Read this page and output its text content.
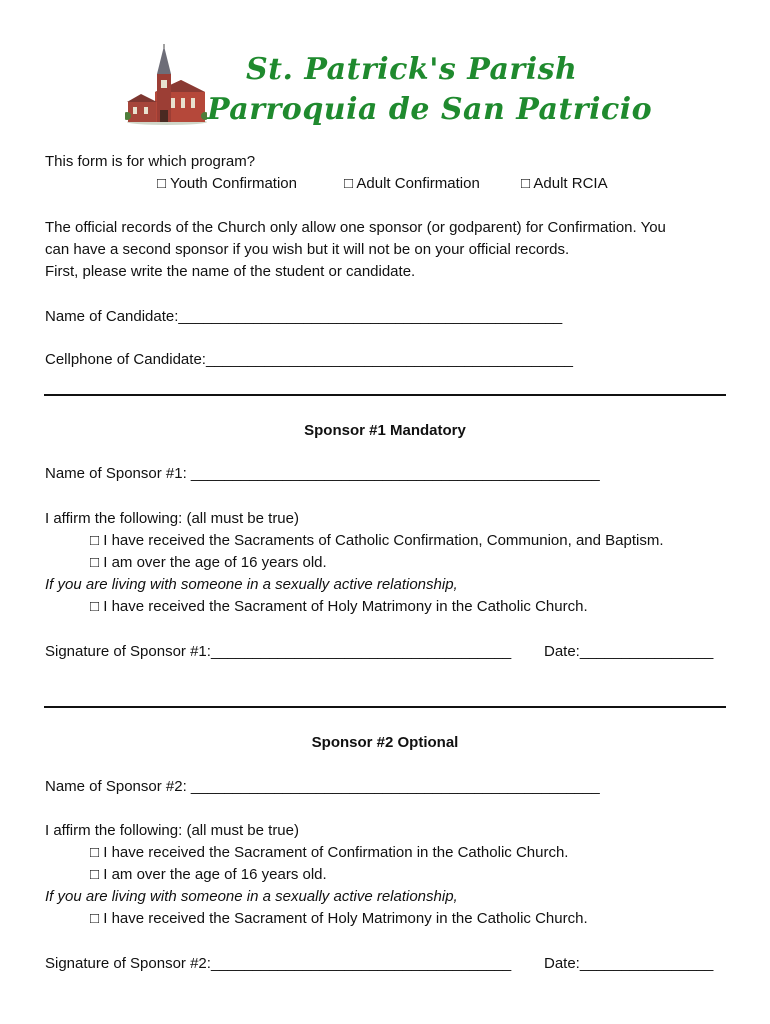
St. Patrick's Parish
Parroquia de San Patricio
This form is for which program?
□ Youth Confirmation	□ Adult Confirmation	□ Adult RCIA
The official records of the Church only allow one sponsor (or godparent) for Confirmation. You
can have a second sponsor if you wish but it will not be on your official records.
First, please write the name of the student or candidate.
Name of Candidate:______________________________________________
Cellphone of Candidate:____________________________________________
Sponsor #1 Mandatory
Name of Sponsor #1: _________________________________________________
I affirm the following: (all must be true)
□ I have received the Sacraments of Catholic Confirmation, Communion, and Baptism.
□ I am over the age of 16 years old.
If you are living with someone in a sexually active relationship,
□ I have received the Sacrament of Holy Matrimony in the Catholic Church.
Signature of Sponsor #1:____________________________________ Date:________________
Sponsor #2 Optional
Name of Sponsor #2: _________________________________________________
I affirm the following: (all must be true)
□ I have received the Sacrament of Confirmation in the Catholic Church.
□ I am over the age of 16 years old.
If you are living with someone in a sexually active relationship,
□ I have received the Sacrament of Holy Matrimony in the Catholic Church.
Signature of Sponsor #2:____________________________________ Date:________________
